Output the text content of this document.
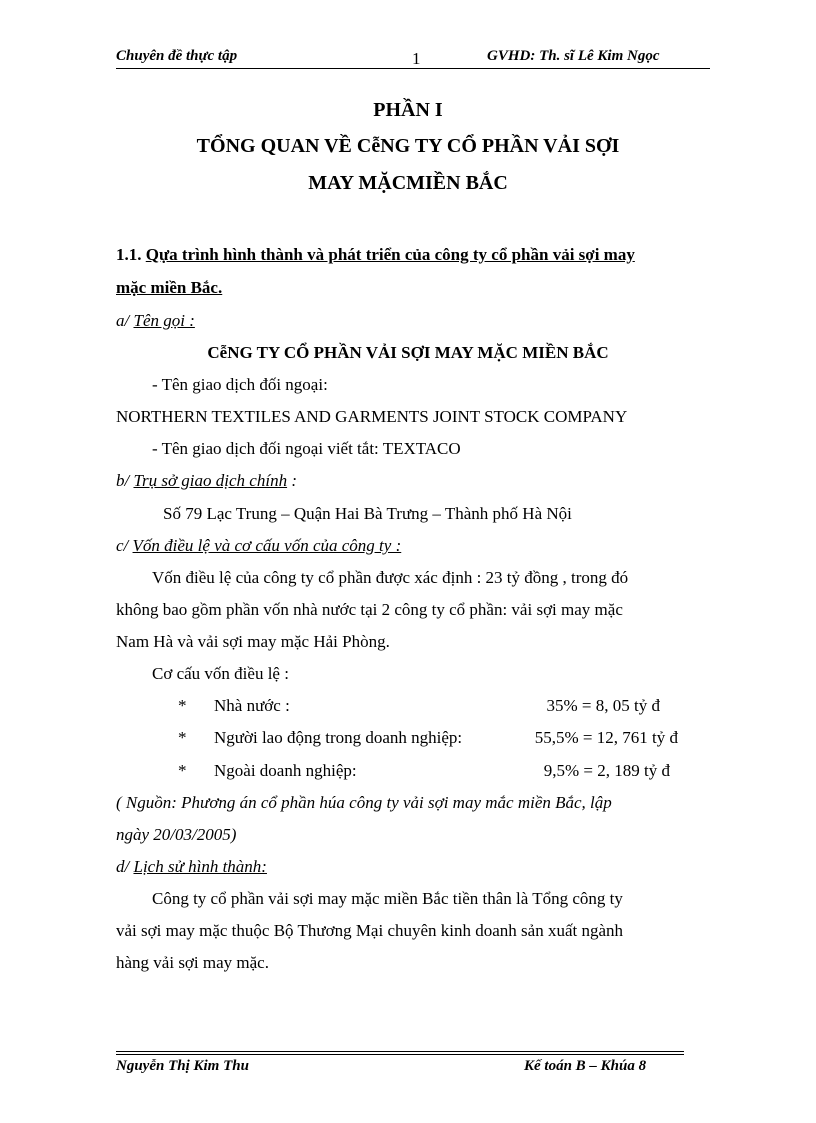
Chuyên đề thực tập	1	GVHD: Th. sĩ Lê Kim Ngọc
PHẦN I
TỔNG QUAN VỀ CễNG TY CỔ PHẦN VẢI SỢI
MAY MẶCMIỀN BẮC
1.1. Qựa trình hình thành và phát triển của công ty cổ phần vải sợi may
mặc miền Bắc.
a/ Tên gọi :
CễNG TY CỔ PHẦN VẢI SỢI MAY MẶC MIỀN BẮC
- Tên giao dịch đối ngoại:
NORTHERN TEXTILES AND GARMENTS JOINT STOCK COMPANY
- Tên giao dịch đối ngoại viết tắt: TEXTACO
b/ Trụ sở giao dịch chính :
Số 79 Lạc Trung – Quận Hai Bà Trưng – Thành phố Hà Nội
c/ Vốn điều lệ và cơ cấu vốn của công ty :
Vốn điều lệ của công ty cổ phần được xác định : 23 tỷ đồng , trong đó
không bao gồm phần vốn nhà nước tại 2 công ty cổ phần: vải sợi may mặc
Nam Hà và vải sợi may mặc Hải Phòng.
Cơ cấu vốn điều lệ :
* Nhà nước :	35% = 8, 05 tỷ đ
* Người lao động trong doanh nghiệp:	55,5% = 12, 761 tỷ đ
* Ngoài doanh nghiệp:	9,5% = 2, 189 tỷ đ
( Nguồn: Phương án cổ phần húa công ty vải sợi may mắc miền Bắc, lập
ngày 20/03/2005)
d/ Lịch sử hình thành:
Công ty cổ phần vải sợi may mặc miền Bắc tiền thân là Tổng công ty
vải sợi may mặc thuộc Bộ Thương Mại chuyên kinh doanh sản xuất ngành
hàng vải sợi may mặc.
Nguyễn Thị Kim Thu	Kế toán B – Khúa 8
